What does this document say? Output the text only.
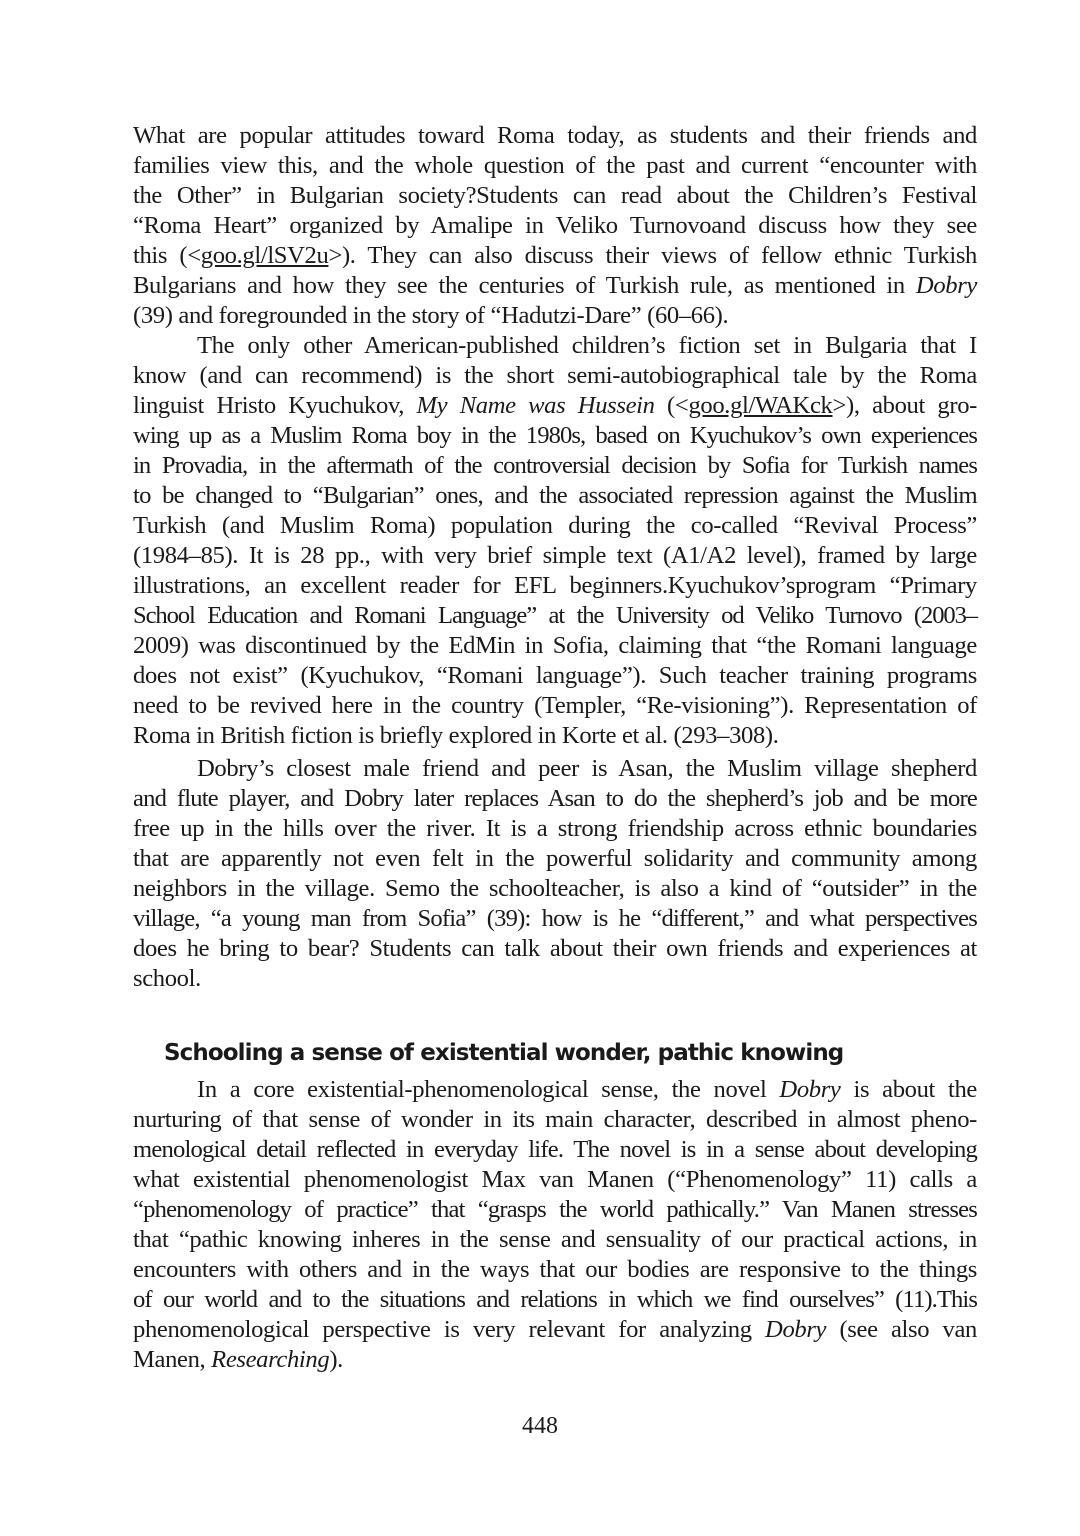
What are popular attitudes toward Roma today, as students and their friends and
families view this, and the whole question of the past and current “encounter with
the Other” in Bulgarian society?Students can read about the Children’s Festival
“Roma Heart” organized by Amalipe in Veliko Turnovoand discuss how they see
this (<goo.gl/lSV2u>). They can also discuss their views of fellow ethnic Turkish
Bulgarians and how they see the centuries of Turkish rule, as mentioned in Dobry
(39) and foregrounded in the story of “Hadutzi-Dare” (60–66).
The only other American-published children’s fiction set in Bulgaria that I
know (and can recommend) is the short semi-autobiographical tale by the Roma
linguist Hristo Kyuchukov, My Name was Hussein (<goo.gl/WAKck>), about gro-
wing up as a Muslim Roma boy in the 1980s, based on Kyuchukov’s own experiences
in Provadia, in the aftermath of the controversial decision by Sofia for Turkish names
to be changed to “Bulgarian” ones, and the associated repression against the Muslim
Turkish (and Muslim Roma) population during the co-called “Revival Process”
(1984–85). It is 28 pp., with very brief simple text (A1/A2 level), framed by large
illustrations, an excellent reader for EFL beginners.Kyuchukov’sprogram “Primary
School Education and Romani Language” at the University od Veliko Turnovo (2003–
2009) was discontinued by the EdMin in Sofia, claiming that “the Romani language
does not exist” (Kyuchukov, “Romani language”). Such teacher training programs
need to be revived here in the country (Templer, “Re-visioning”). Representation of
Roma in British fiction is briefly explored in Korte et al. (293–308).
Dobry’s closest male friend and peer is Asan, the Muslim village shepherd
and flute player, and Dobry later replaces Asan to do the shepherd’s job and be more
free up in the hills over the river. It is a strong friendship across ethnic boundaries
that are apparently not even felt in the powerful solidarity and community among
neighbors in the village. Semo the schoolteacher, is also a kind of “outsider” in the
village, “a young man from Sofia” (39): how is he “different,” and what perspectives
does he bring to bear? Students can talk about their own friends and experiences at
school.
Schooling a sense of existential wonder, pathic knowing
In a core existential-phenomenological sense, the novel Dobry is about the
nurturing of that sense of wonder in its main character, described in almost pheno-
menological detail reflected in everyday life. The novel is in a sense about developing
what existential phenomenologist Max van Manen (“Phenomenology” 11) calls a
“phenomenology of practice” that “grasps the world pathically.” Van Manen stresses
that “pathic knowing inheres in the sense and sensuality of our practical actions, in
encounters with others and in the ways that our bodies are responsive to the things
of our world and to the situations and relations in which we find ourselves” (11).This
phenomenological perspective is very relevant for analyzing Dobry (see also van
Manen, Researching).
448
